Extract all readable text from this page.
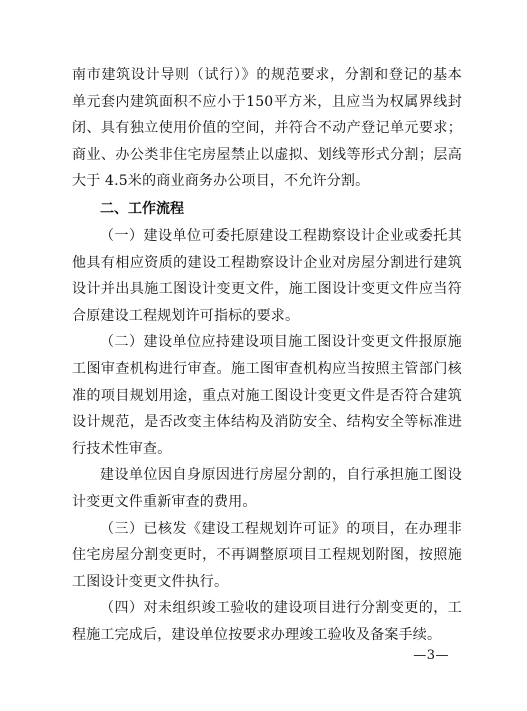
南市建筑设计导则（试行）》的规范要求，分割和登记的基本单元套内建筑面积不应小于150平方米，且应当为权属界线封闭、具有独立使用价值的空间，并符合不动产登记单元要求；商业、办公类非住宅房屋禁止以虚拟、划线等形式分割；层高大于 4.5米的商业商务办公项目，不允许分割。

二、工作流程

（一）建设单位可委托原建设工程勘察设计企业或委托其他具有相应资质的建设工程勘察设计企业对房屋分割进行建筑设计并出具施工图设计变更文件，施工图设计变更文件应当符合原建设工程规划许可指标的要求。

（二）建设单位应持建设项目施工图设计变更文件报原施工图审查机构进行审查。施工图审查机构应当按照主管部门核准的项目规划用途，重点对施工图设计变更文件是否符合建筑设计规范，是否改变主体结构及消防安全、结构安全等标准进行技术性审查。

建设单位因自身原因进行房屋分割的，自行承担施工图设计变更文件重新审查的费用。

（三）已核发《建设工程规划许可证》的项目，在办理非住宅房屋分割变更时，不再调整原项目工程规划附图，按照施工图设计变更文件执行。

（四）对未组织竣工验收的建设项目进行分割变更的，工程施工完成后，建设单位按要求办理竣工验收及备案手续。

—3—
